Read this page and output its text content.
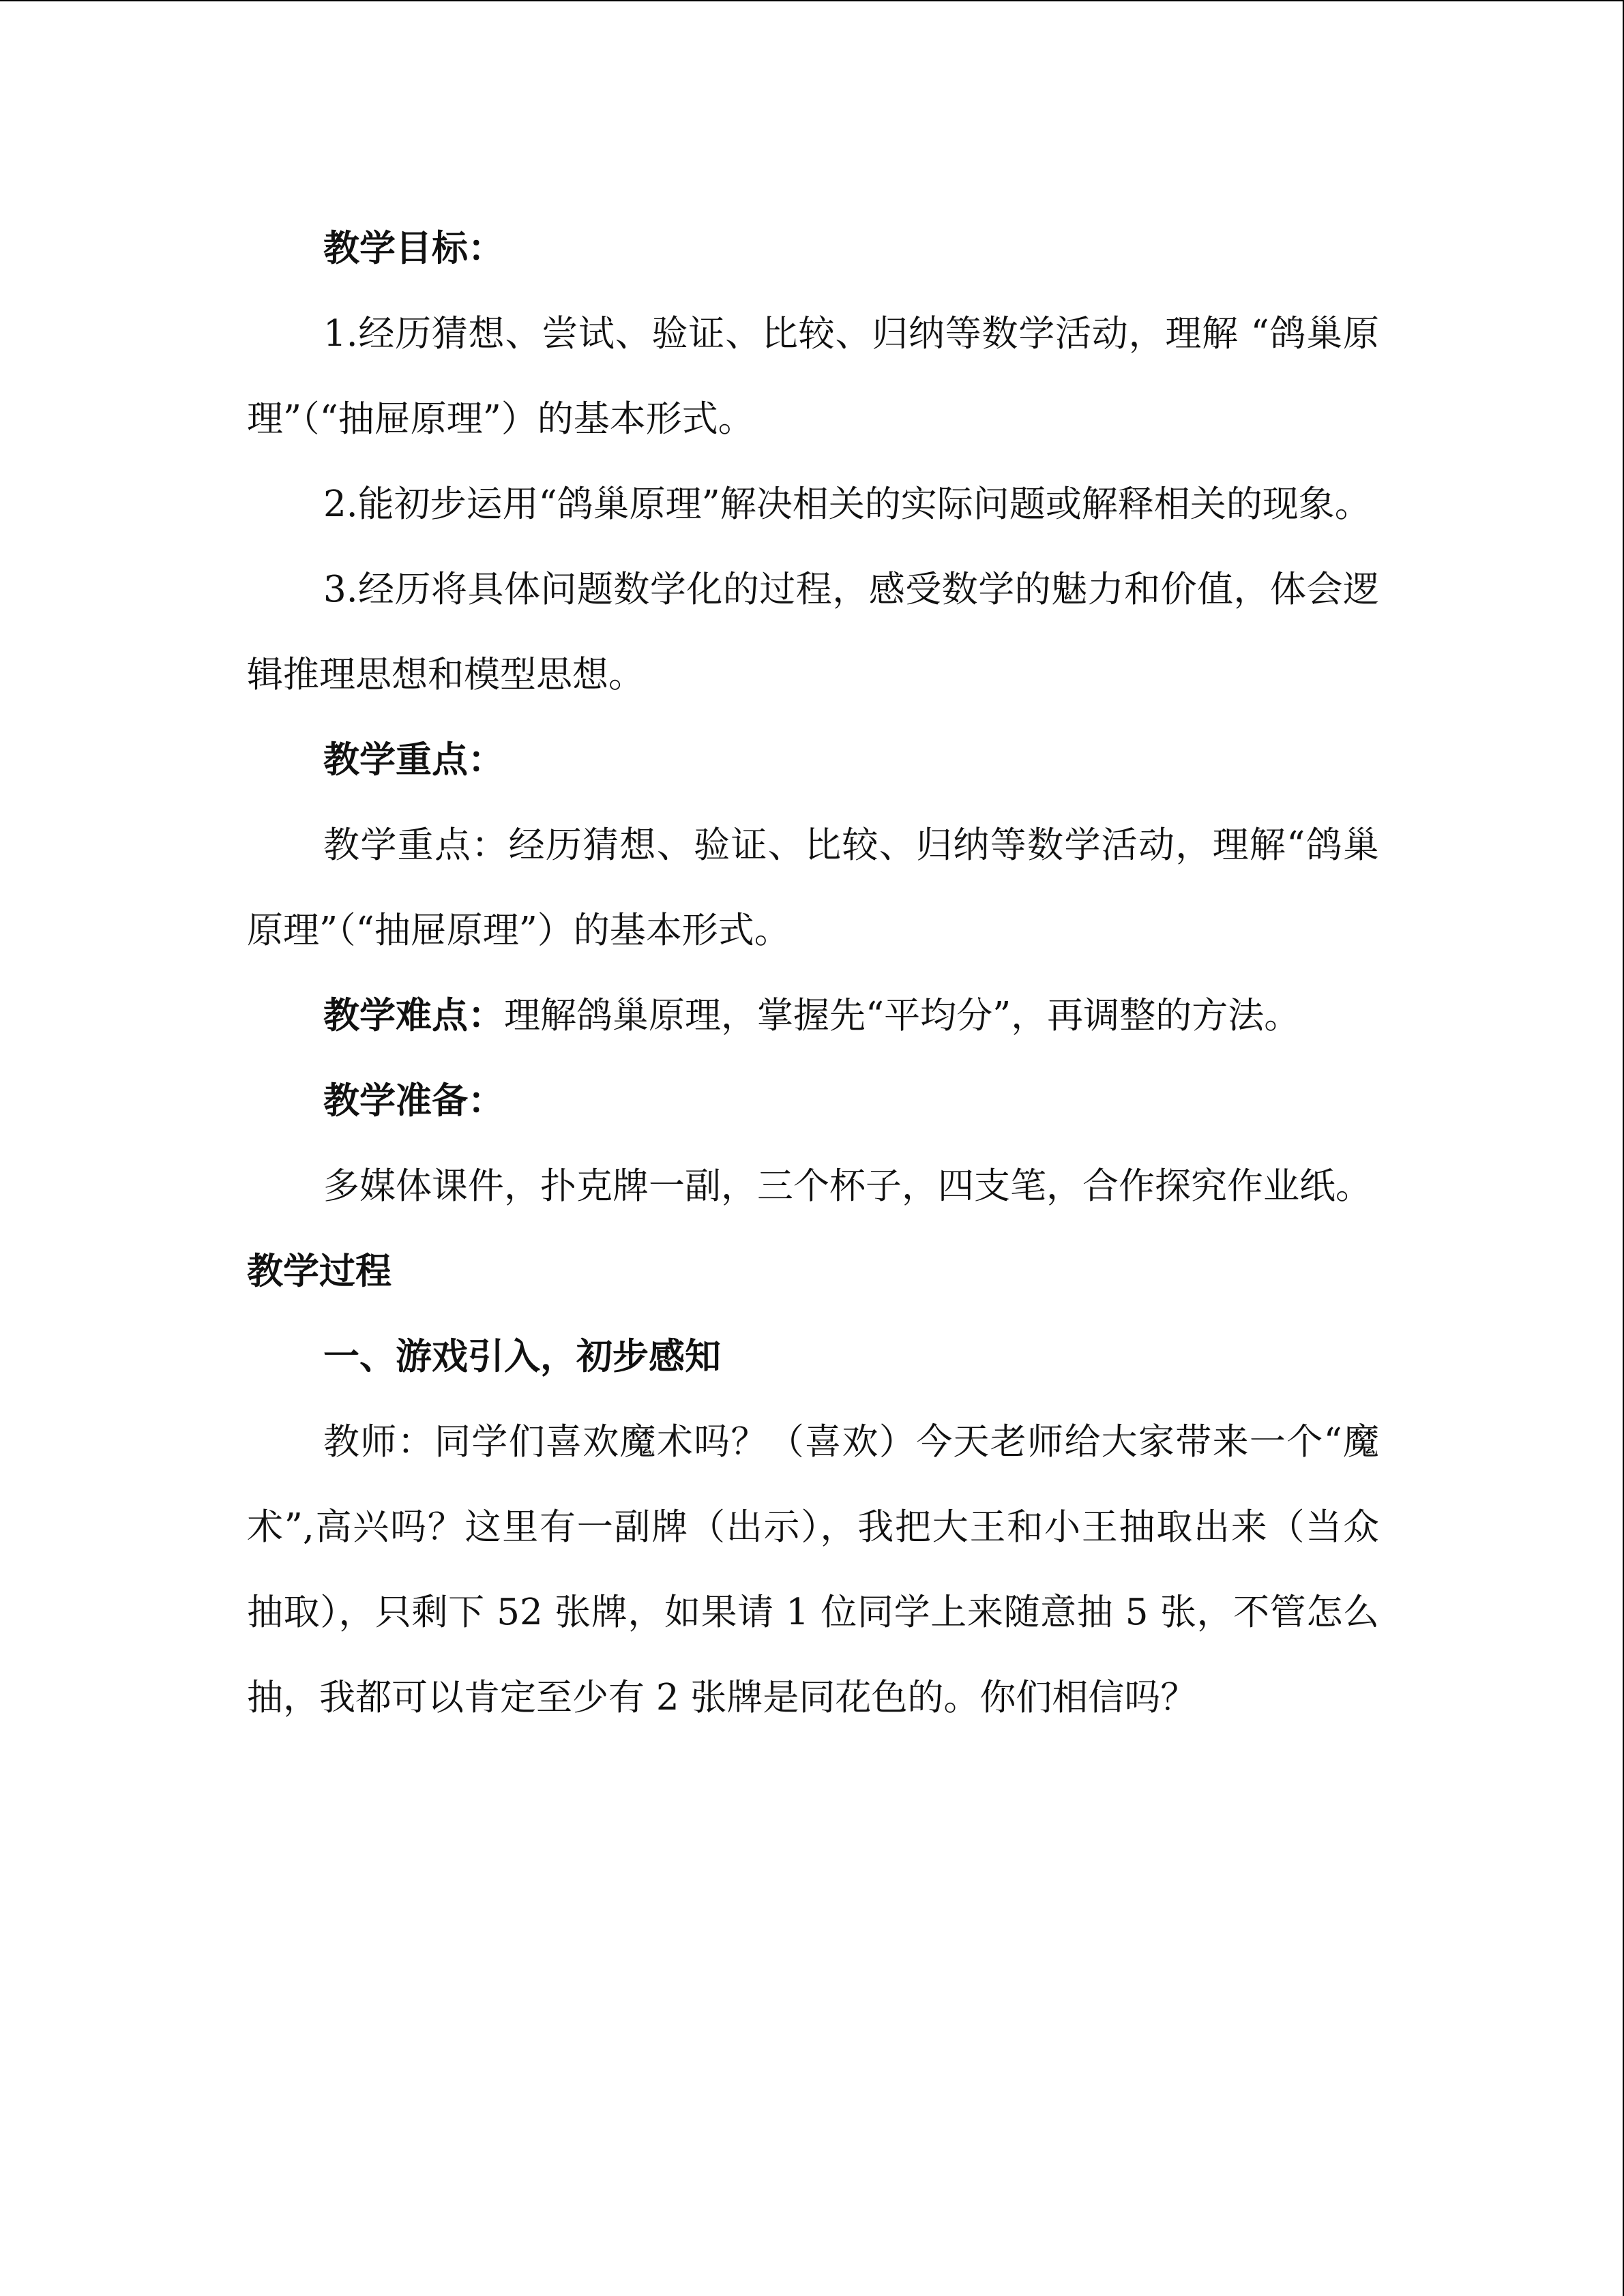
教学目标：

1.经历猜想、尝试、验证、比较、归纳等数学活动，理解 “鸽巢原理”（“抽屉原理”）的基本形式。

2.能初步运用“鸽巢原理”解决相关的实际问题或解释相关的现象。

3.经历将具体问题数学化的过程，感受数学的魅力和价值，体会逻辑推理思想和模型思想。

教学重点：

教学重点：经历猜想、验证、比较、归纳等数学活动，理解“鸽巢原理”（“抽屉原理”）的基本形式。

教学难点：理解鸽巢原理，掌握先“平均分”，再调整的方法。

教学准备：

多媒体课件，扑克牌一副，三个杯子，四支笔，合作探究作业纸。

教学过程

一、游戏引入，初步感知

教师：同学们喜欢魔术吗？（喜欢）今天老师给大家带来一个“魔术”,高兴吗？这里有一副牌（出示），我把大王和小王抽取出来（当众抽取），只剩下 52 张牌，如果请 1 位同学上来随意抽 5 张，不管怎么抽，我都可以肯定至少有 2 张牌是同花色的。你们相信吗？
